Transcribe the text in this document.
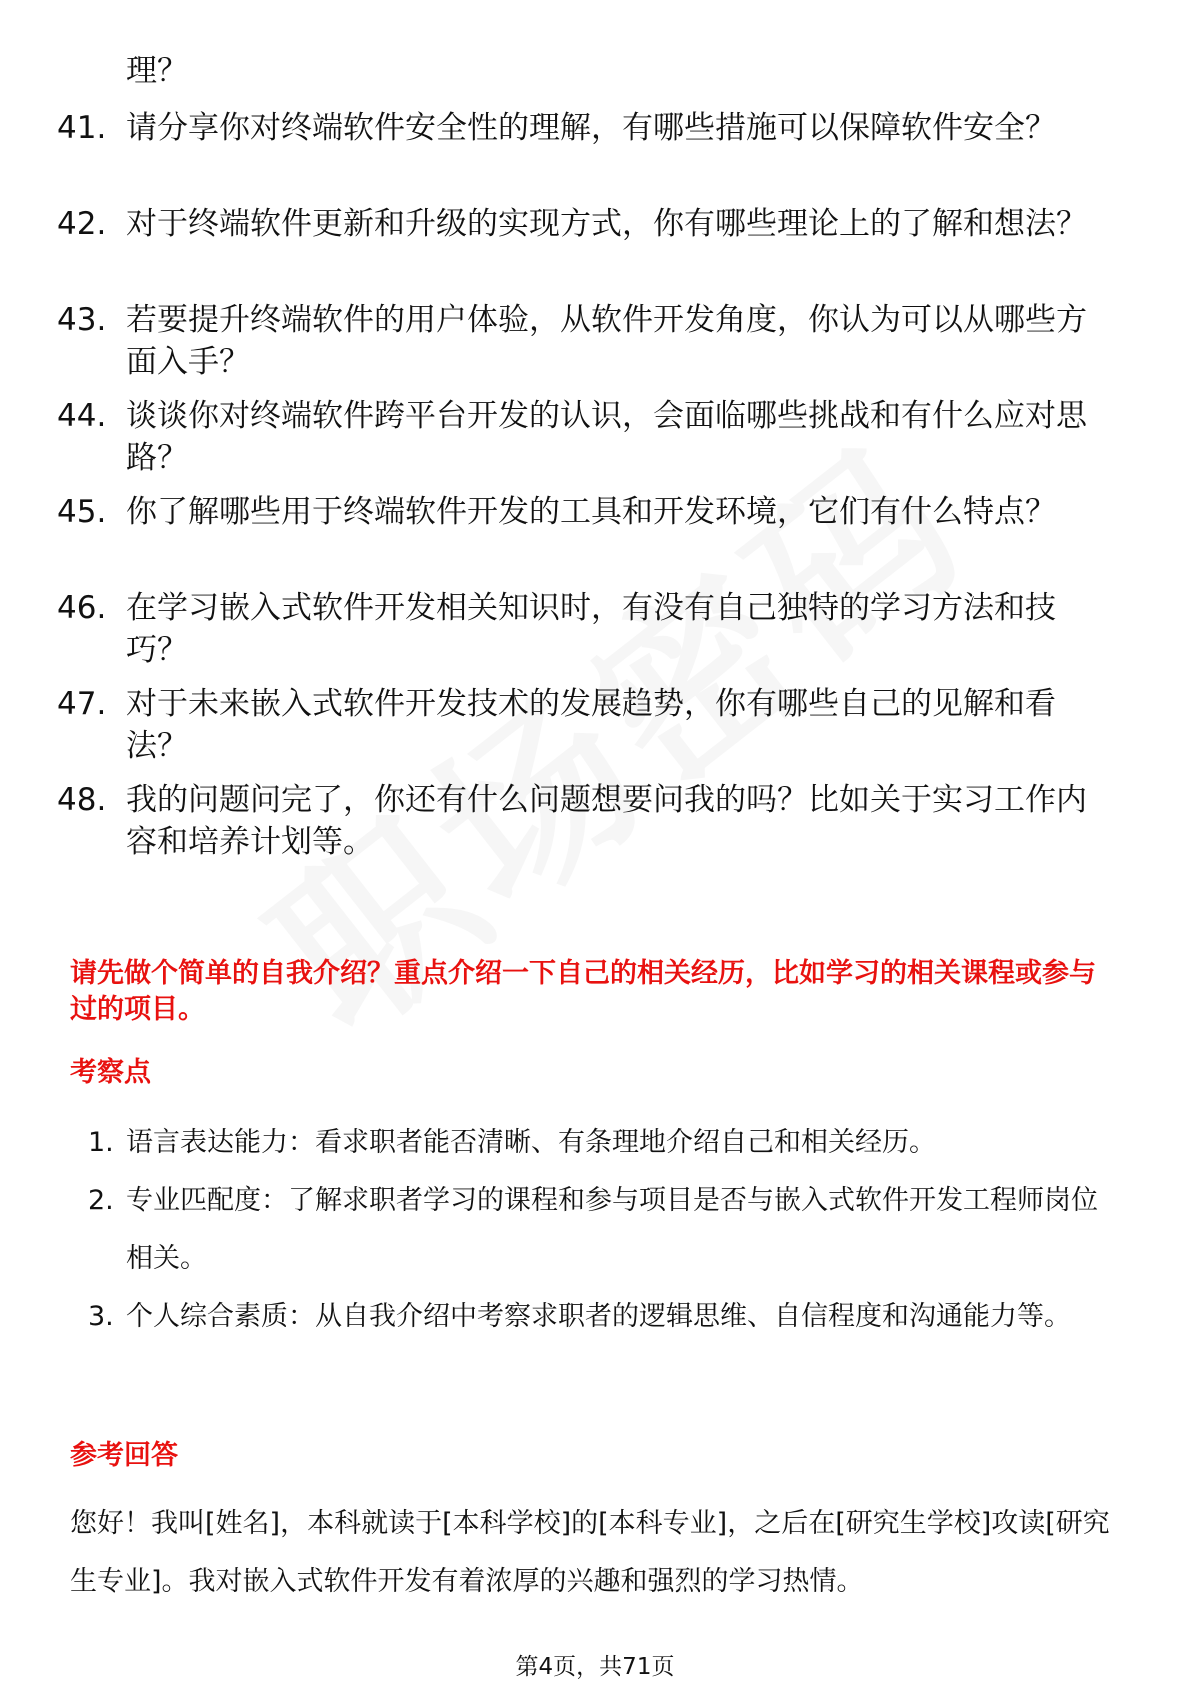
理？
41. 请分享你对终端软件安全性的理解，有哪些措施可以保障软件安全？
42. 对于终端软件更新和升级的实现方式，你有哪些理论上的了解和想法？
43. 若要提升终端软件的用户体验，从软件开发角度，你认为可以从哪些方面入手？
44. 谈谈你对终端软件跨平台开发的认识，会面临哪些挑战和有什么应对思路？
45. 你了解哪些用于终端软件开发的工具和开发环境，它们有什么特点？
46. 在学习嵌入式软件开发相关知识时，有没有自己独特的学习方法和技巧？
47. 对于未来嵌入式软件开发技术的发展趋势，你有哪些自己的见解和看法？
48. 我的问题问完了，你还有什么问题想要问我的吗？比如关于实习工作内容和培养计划等。
请先做个简单的自我介绍？重点介绍一下自己的相关经历，比如学习的相关课程或参与过的项目。
考察点
1. 语言表达能力：看求职者能否清晰、有条理地介绍自己和相关经历。
2. 专业匹配度：了解求职者学习的课程和参与项目是否与嵌入式软件开发工程师岗位相关。
3. 个人综合素质：从自我介绍中考察求职者的逻辑思维、自信程度和沟通能力等。
参考回答
您好！我叫[姓名]，本科就读于[本科学校]的[本科专业]，之后在[研究生学校]攻读[研究生专业]。我对嵌入式软件开发有着浓厚的兴趣和强烈的学习热情。
第4页，共71页
